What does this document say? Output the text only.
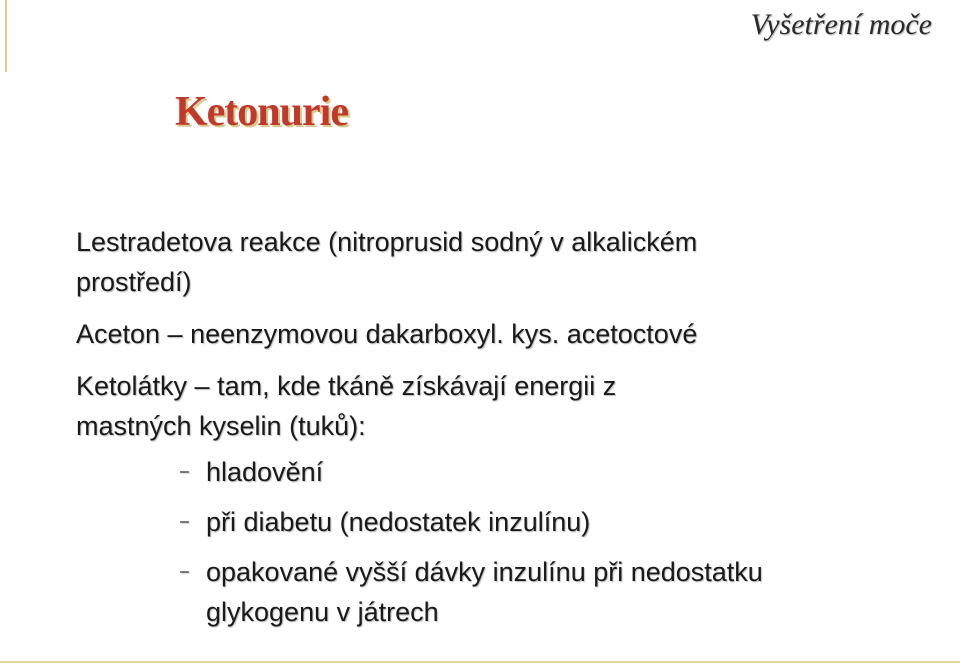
Vyšetření moče
Ketonurie

Lestradetova reakce (nitroprusid sodný v alkalickém
prostředí)

Aceton – neenzymovou dakarboxyl. kys. acetoctové

Ketolátky – tam, kde tkáně získávají energii z
mastných kyselin (tuků):

– hladovění
– při diabetu (nedostatek inzulínu)
– opakované vyšší dávky inzulínu při nedostatku
glykogenu v játrech
